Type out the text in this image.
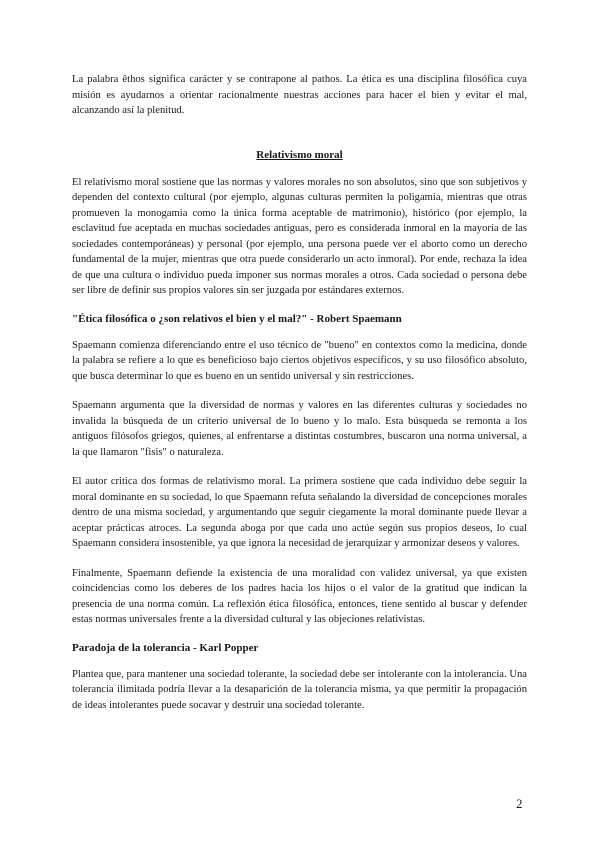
La palabra êthos significa carácter y se contrapone al pathos. La ética es una disciplina filosófica cuya misión es ayudarnos a orientar racionalmente nuestras acciones para hacer el bien y evitar el mal, alcanzando así la plenitud.

Relativismo moral

El relativismo moral sostiene que las normas y valores morales no son absolutos, sino que son subjetivos y dependen del contexto cultural (por ejemplo, algunas culturas permiten la poligamia, mientras que otras promueven la monogamia como la única forma aceptable de matrimonio), histórico (por ejemplo, la esclavitud fue aceptada en muchas sociedades antiguas, pero es considerada inmoral en la mayoría de las sociedades contemporáneas) y personal (por ejemplo, una persona puede ver el aborto como un derecho fundamental de la mujer, mientras que otra puede considerarlo un acto inmoral). Por ende, rechaza la idea de que una cultura o individuo pueda imponer sus normas morales a otros. Cada sociedad o persona debe ser libre de definir sus propios valores sin ser juzgada por estándares externos.

"Ética filosófica o ¿son relativos el bien y el mal?" - Robert Spaemann

Spaemann comienza diferenciando entre el uso técnico de "bueno" en contextos como la medicina, donde la palabra se refiere a lo que es beneficioso bajo ciertos objetivos específicos, y su uso filosófico absoluto, que busca determinar lo que es bueno en un sentido universal y sin restricciones.

Spaemann argumenta que la diversidad de normas y valores en las diferentes culturas y sociedades no invalida la búsqueda de un criterio universal de lo bueno y lo malo. Esta búsqueda se remonta a los antiguos filósofos griegos, quienes, al enfrentarse a distintas costumbres, buscaron una norma universal, a la que llamaron "fisis" o naturaleza.

El autor critica dos formas de relativismo moral. La primera sostiene que cada individuo debe seguir la moral dominante en su sociedad, lo que Spaemann refuta señalando la diversidad de concepciones morales dentro de una misma sociedad, y argumentando que seguir ciegamente la moral dominante puede llevar a aceptar prácticas atroces. La segunda aboga por que cada uno actúe según sus propios deseos, lo cual Spaemann considera insostenible, ya que ignora la necesidad de jerarquizar y armonizar deseos y valores.

Finalmente, Spaemann defiende la existencia de una moralidad con validez universal, ya que existen coincidencias como los deberes de los padres hacia los hijos o el valor de la gratitud que indican la presencia de una norma común. La reflexión ética filosófica, entonces, tiene sentido al buscar y defender estas normas universales frente a la diversidad cultural y las objeciones relativistas.

Paradoja de la tolerancia - Karl Popper

Plantea que, para mantener una sociedad tolerante, la sociedad debe ser intolerante con la intolerancia. Una tolerancia ilimitada podría llevar a la desaparición de la tolerancia misma, ya que permitir la propagación de ideas intolerantes puede socavar y destruir una sociedad tolerante.

2
